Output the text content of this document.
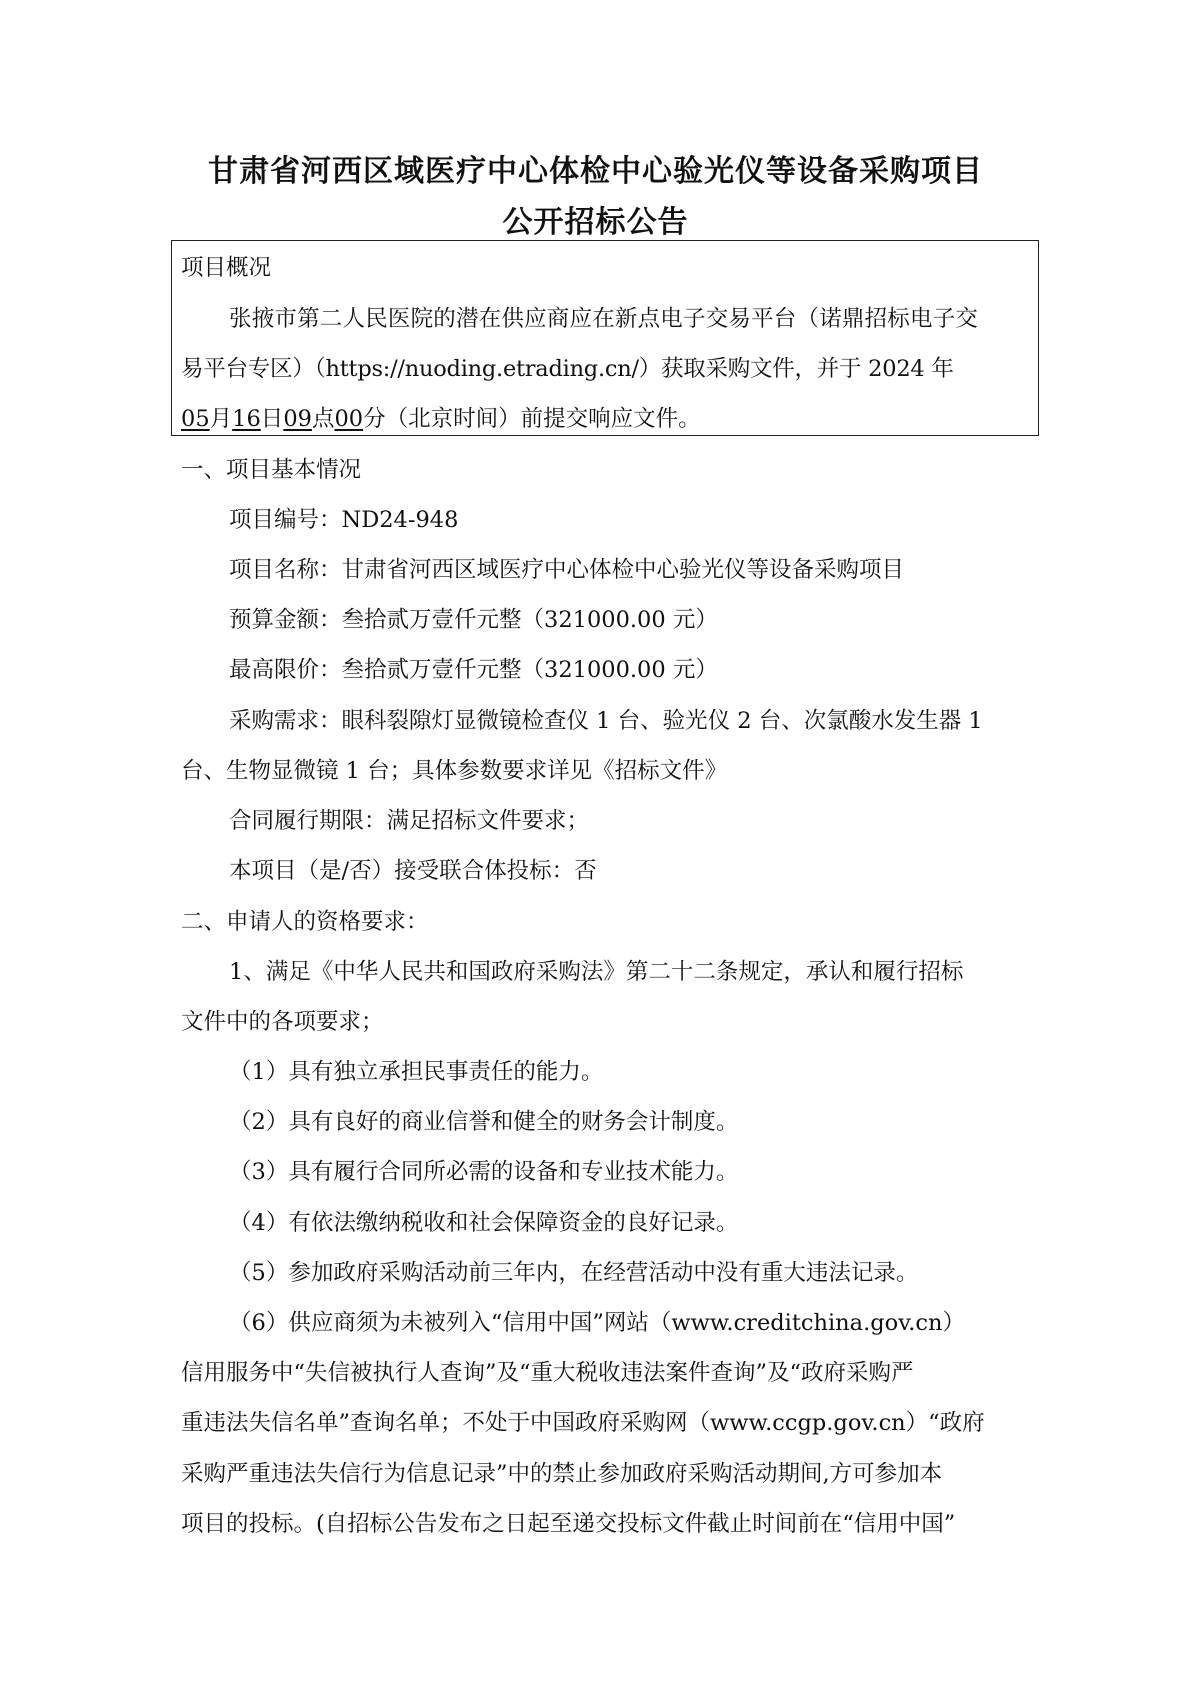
甘肃省河西区域医疗中心体检中心验光仪等设备采购项目
公开招标公告
项目概况
张掖市第二人民医院的潜在供应商应在新点电子交易平台（诺鼎招标电子交
易平台专区）（https://nuoding.etrading.cn/）获取采购文件，并于 2024 年
05月16日09点00分（北京时间）前提交响应文件。
一、项目基本情况
项目编号：ND24-948
项目名称：甘肃省河西区域医疗中心体检中心验光仪等设备采购项目
预算金额：叁拾贰万壹仟元整（321000.00 元）
最高限价：叁拾贰万壹仟元整（321000.00 元）
采购需求：眼科裂隙灯显微镜检查仪 1 台、验光仪 2 台、次氯酸水发生器 1
台、生物显微镜 1 台；具体参数要求详见《招标文件》
合同履行期限：满足招标文件要求；
本项目（是/否）接受联合体投标：否
二、申请人的资格要求：
1、满足《中华人民共和国政府采购法》第二十二条规定，承认和履行招标
文件中的各项要求；
（1）具有独立承担民事责任的能力。
（2）具有良好的商业信誉和健全的财务会计制度。
（3）具有履行合同所必需的设备和专业技术能力。
（4）有依法缴纳税收和社会保障资金的良好记录。
（5）参加政府采购活动前三年内，在经营活动中没有重大违法记录。
（6）供应商须为未被列入“信用中国”网站（www.creditchina.gov.cn）
信用服务中“失信被执行人查询”及“重大税收违法案件查询”及“政府采购严
重违法失信名单”查询名单；不处于中国政府采购网（www.ccgp.gov.cn）“政府
采购严重违法失信行为信息记录”中的禁止参加政府采购活动期间,方可参加本
项目的投标。(自招标公告发布之日起至递交投标文件截止时间前在“信用中国”
